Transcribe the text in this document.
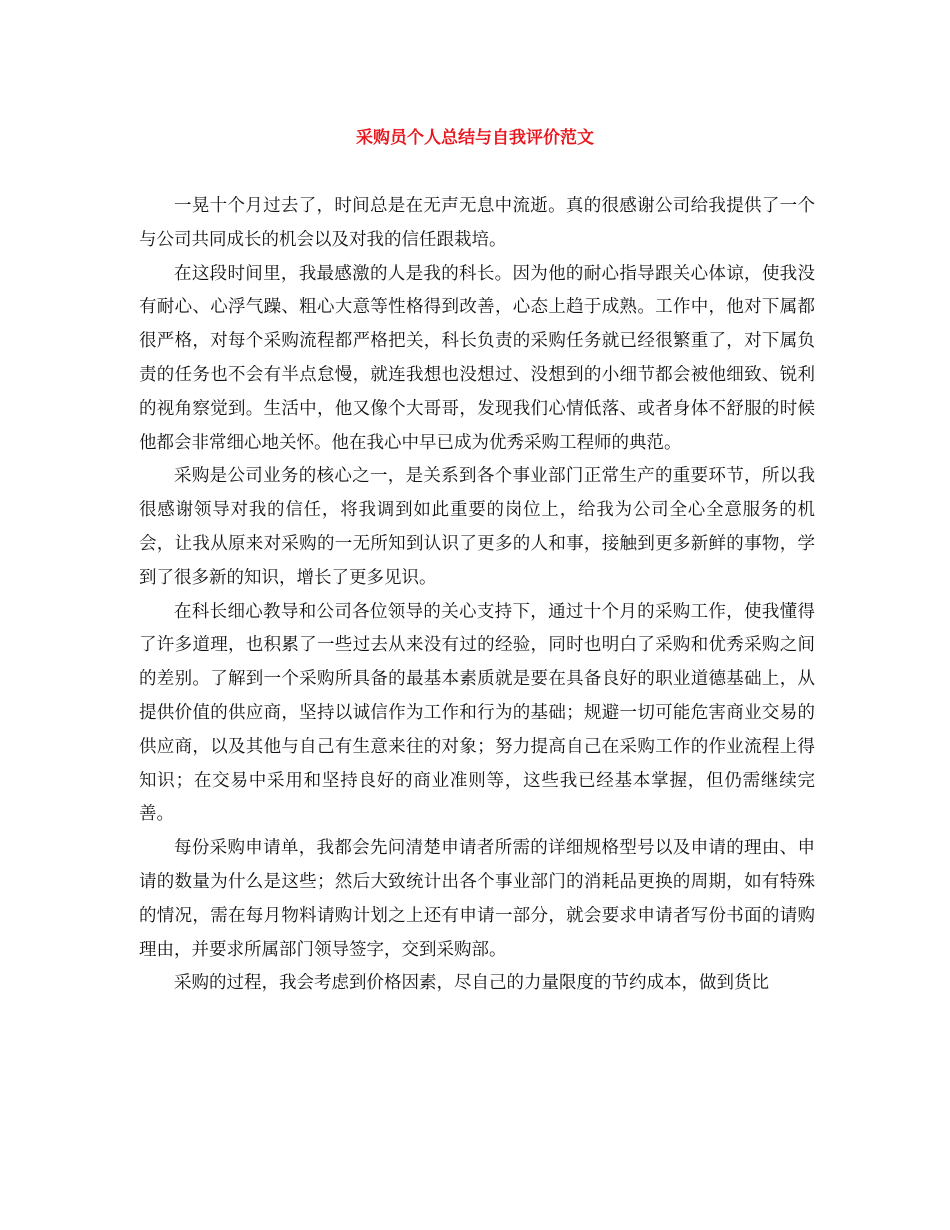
采购员个人总结与自我评价范文

一晃十个月过去了，时间总是在无声无息中流逝。真的很感谢公司给我提供了一个与公司共同成长的机会以及对我的信任跟栽培。

在这段时间里，我最感激的人是我的科长。因为他的耐心指导跟关心体谅，使我没有耐心、心浮气躁、粗心大意等性格得到改善，心态上趋于成熟。工作中，他对下属都很严格，对每个采购流程都严格把关，科长负责的采购任务就已经很繁重了，对下属负责的任务也不会有半点怠慢，就连我想也没想过、没想到的小细节都会被他细致、锐利的视角察觉到。生活中，他又像个大哥哥，发现我们心情低落、或者身体不舒服的时候他都会非常细心地关怀。他在我心中早已成为优秀采购工程师的典范。

采购是公司业务的核心之一，是关系到各个事业部门正常生产的重要环节，所以我很感谢领导对我的信任，将我调到如此重要的岗位上，给我为公司全心全意服务的机会，让我从原来对采购的一无所知到认识了更多的人和事，接触到更多新鲜的事物，学到了很多新的知识，增长了更多见识。

在科长细心教导和公司各位领导的关心支持下，通过十个月的采购工作，使我懂得了许多道理，也积累了一些过去从来没有过的经验，同时也明白了采购和优秀采购之间的差别。了解到一个采购所具备的最基本素质就是要在具备良好的职业道德基础上，从提供价值的供应商，坚持以诚信作为工作和行为的基础；规避一切可能危害商业交易的供应商，以及其他与自己有生意来往的对象；努力提高自己在采购工作的作业流程上得知识；在交易中采用和坚持良好的商业准则等，这些我已经基本掌握，但仍需继续完善。

每份采购申请单，我都会先问清楚申请者所需的详细规格型号以及申请的理由、申请的数量为什么是这些；然后大致统计出各个事业部门的消耗品更换的周期，如有特殊的情况，需在每月物料请购计划之上还有申请一部分，就会要求申请者写份书面的请购理由，并要求所属部门领导签字，交到采购部。

采购的过程，我会考虑到价格因素，尽自己的力量限度的节约成本，做到货比
